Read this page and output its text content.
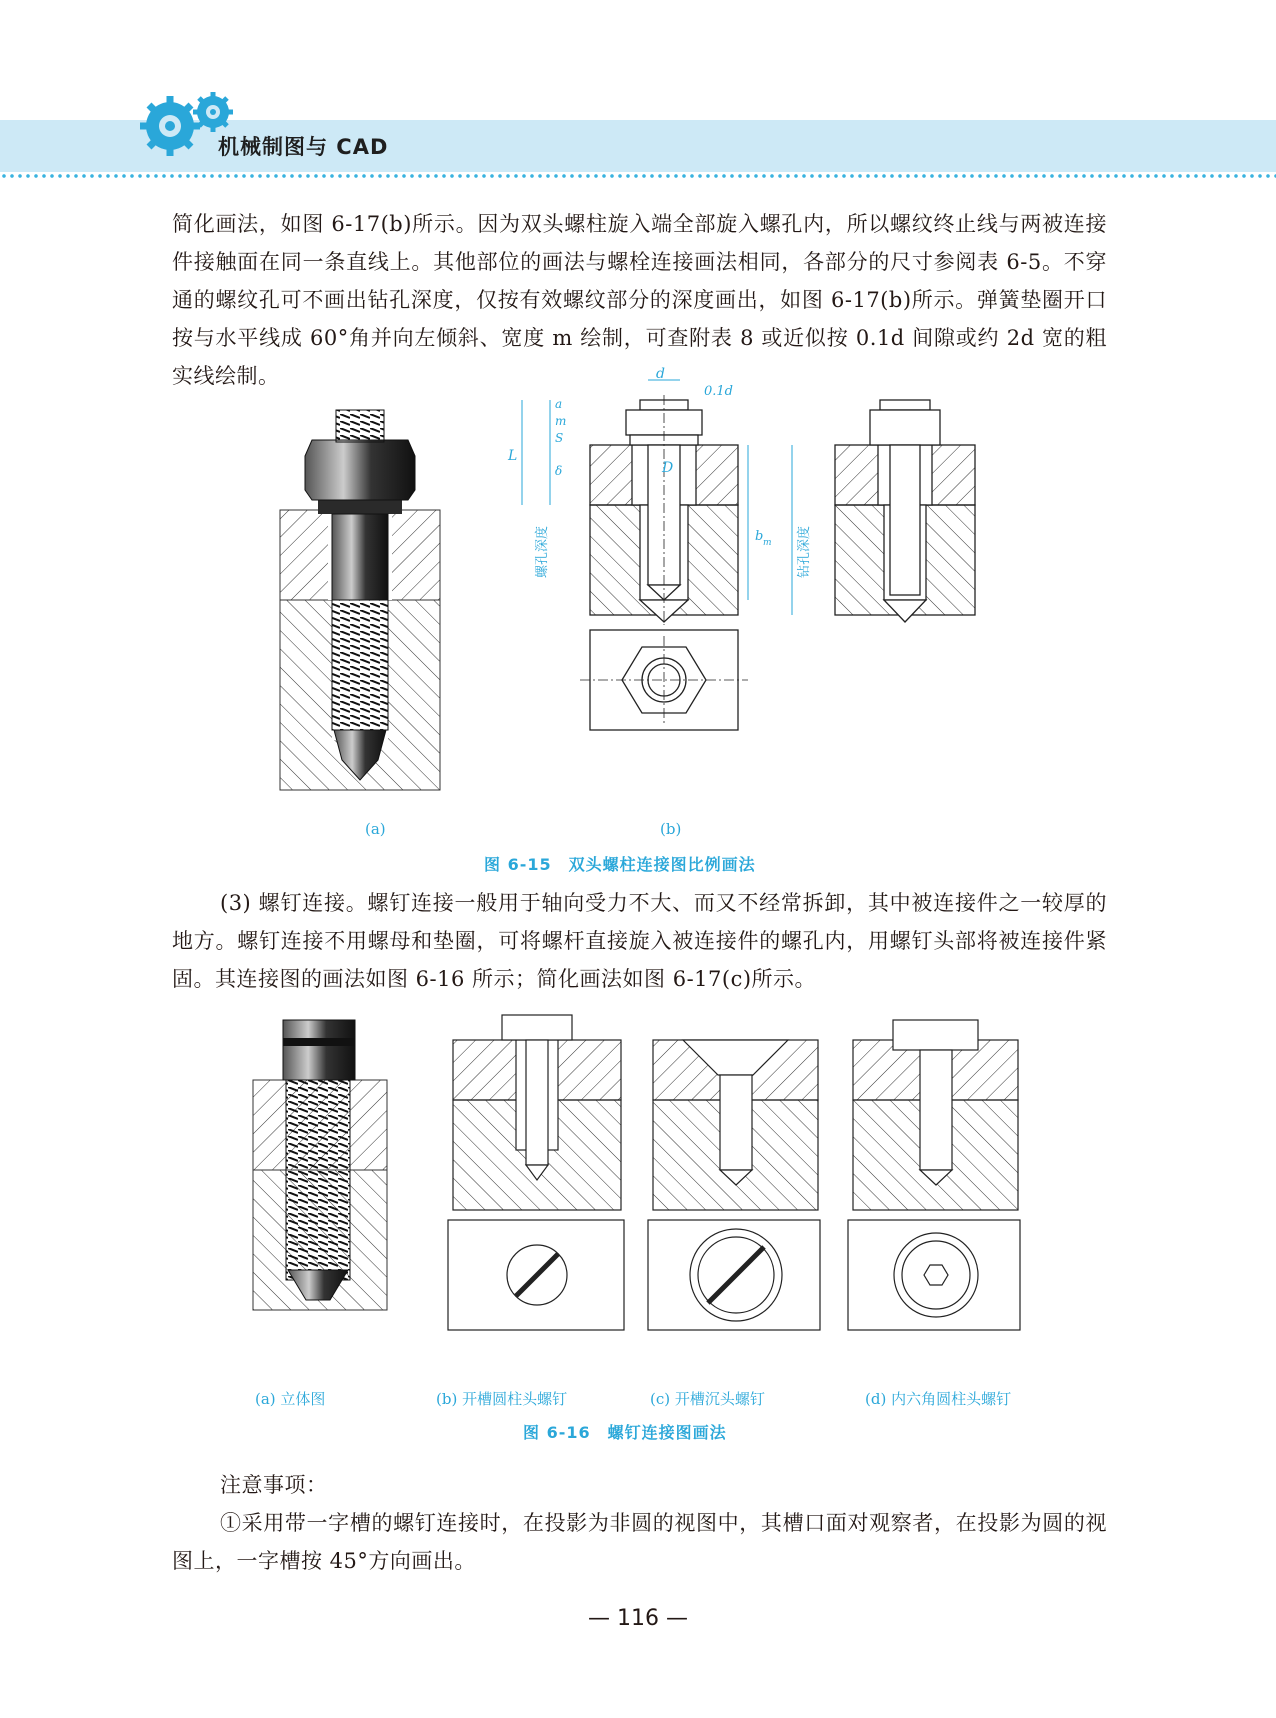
机械制图与 CAD

简化画法，如图 6-17(b)所示。因为双头螺柱旋入端全部旋入螺孔内，所以螺纹终止线与两被连接件接触面在同一条直线上。其他部位的画法与螺栓连接画法相同，各部分的尺寸参阅表 6-5。不穿通的螺纹孔可不画出钻孔深度，仅按有效螺纹部分的深度画出，如图 6-17(b)所示。弹簧垫圈开口按与水平线成 60°角并向左倾斜、宽度 m 绘制，可查附表 8 或近似按 0.1d 间隙或约 2d 宽的粗实线绘制。	d
0.1d
L
a
m
S
δ	D
b m
螺孔深度	钻孔深度
(a)	(b)
图 6-15　双头螺柱连接图比例画法

(3) 螺钉连接。螺钉连接一般用于轴向受力不大、而又不经常拆卸，其中被连接件之一较厚的地方。螺钉连接不用螺母和垫圈，可将螺杆直接旋入被连接件的螺孔内，用螺钉头部将被连接件紧固。其连接图的画法如图 6-16 所示；简化画法如图 6-17(c)所示。

(a) 立体图	(b) 开槽圆柱头螺钉	(c) 开槽沉头螺钉	(d) 内六角圆柱头螺钉
图 6-16　螺钉连接图画法

注意事项：

①采用带一字槽的螺钉连接时，在投影为非圆的视图中，其槽口面对观察者，在投影为圆的视图上，一字槽按 45°方向画出。

— 116 —
